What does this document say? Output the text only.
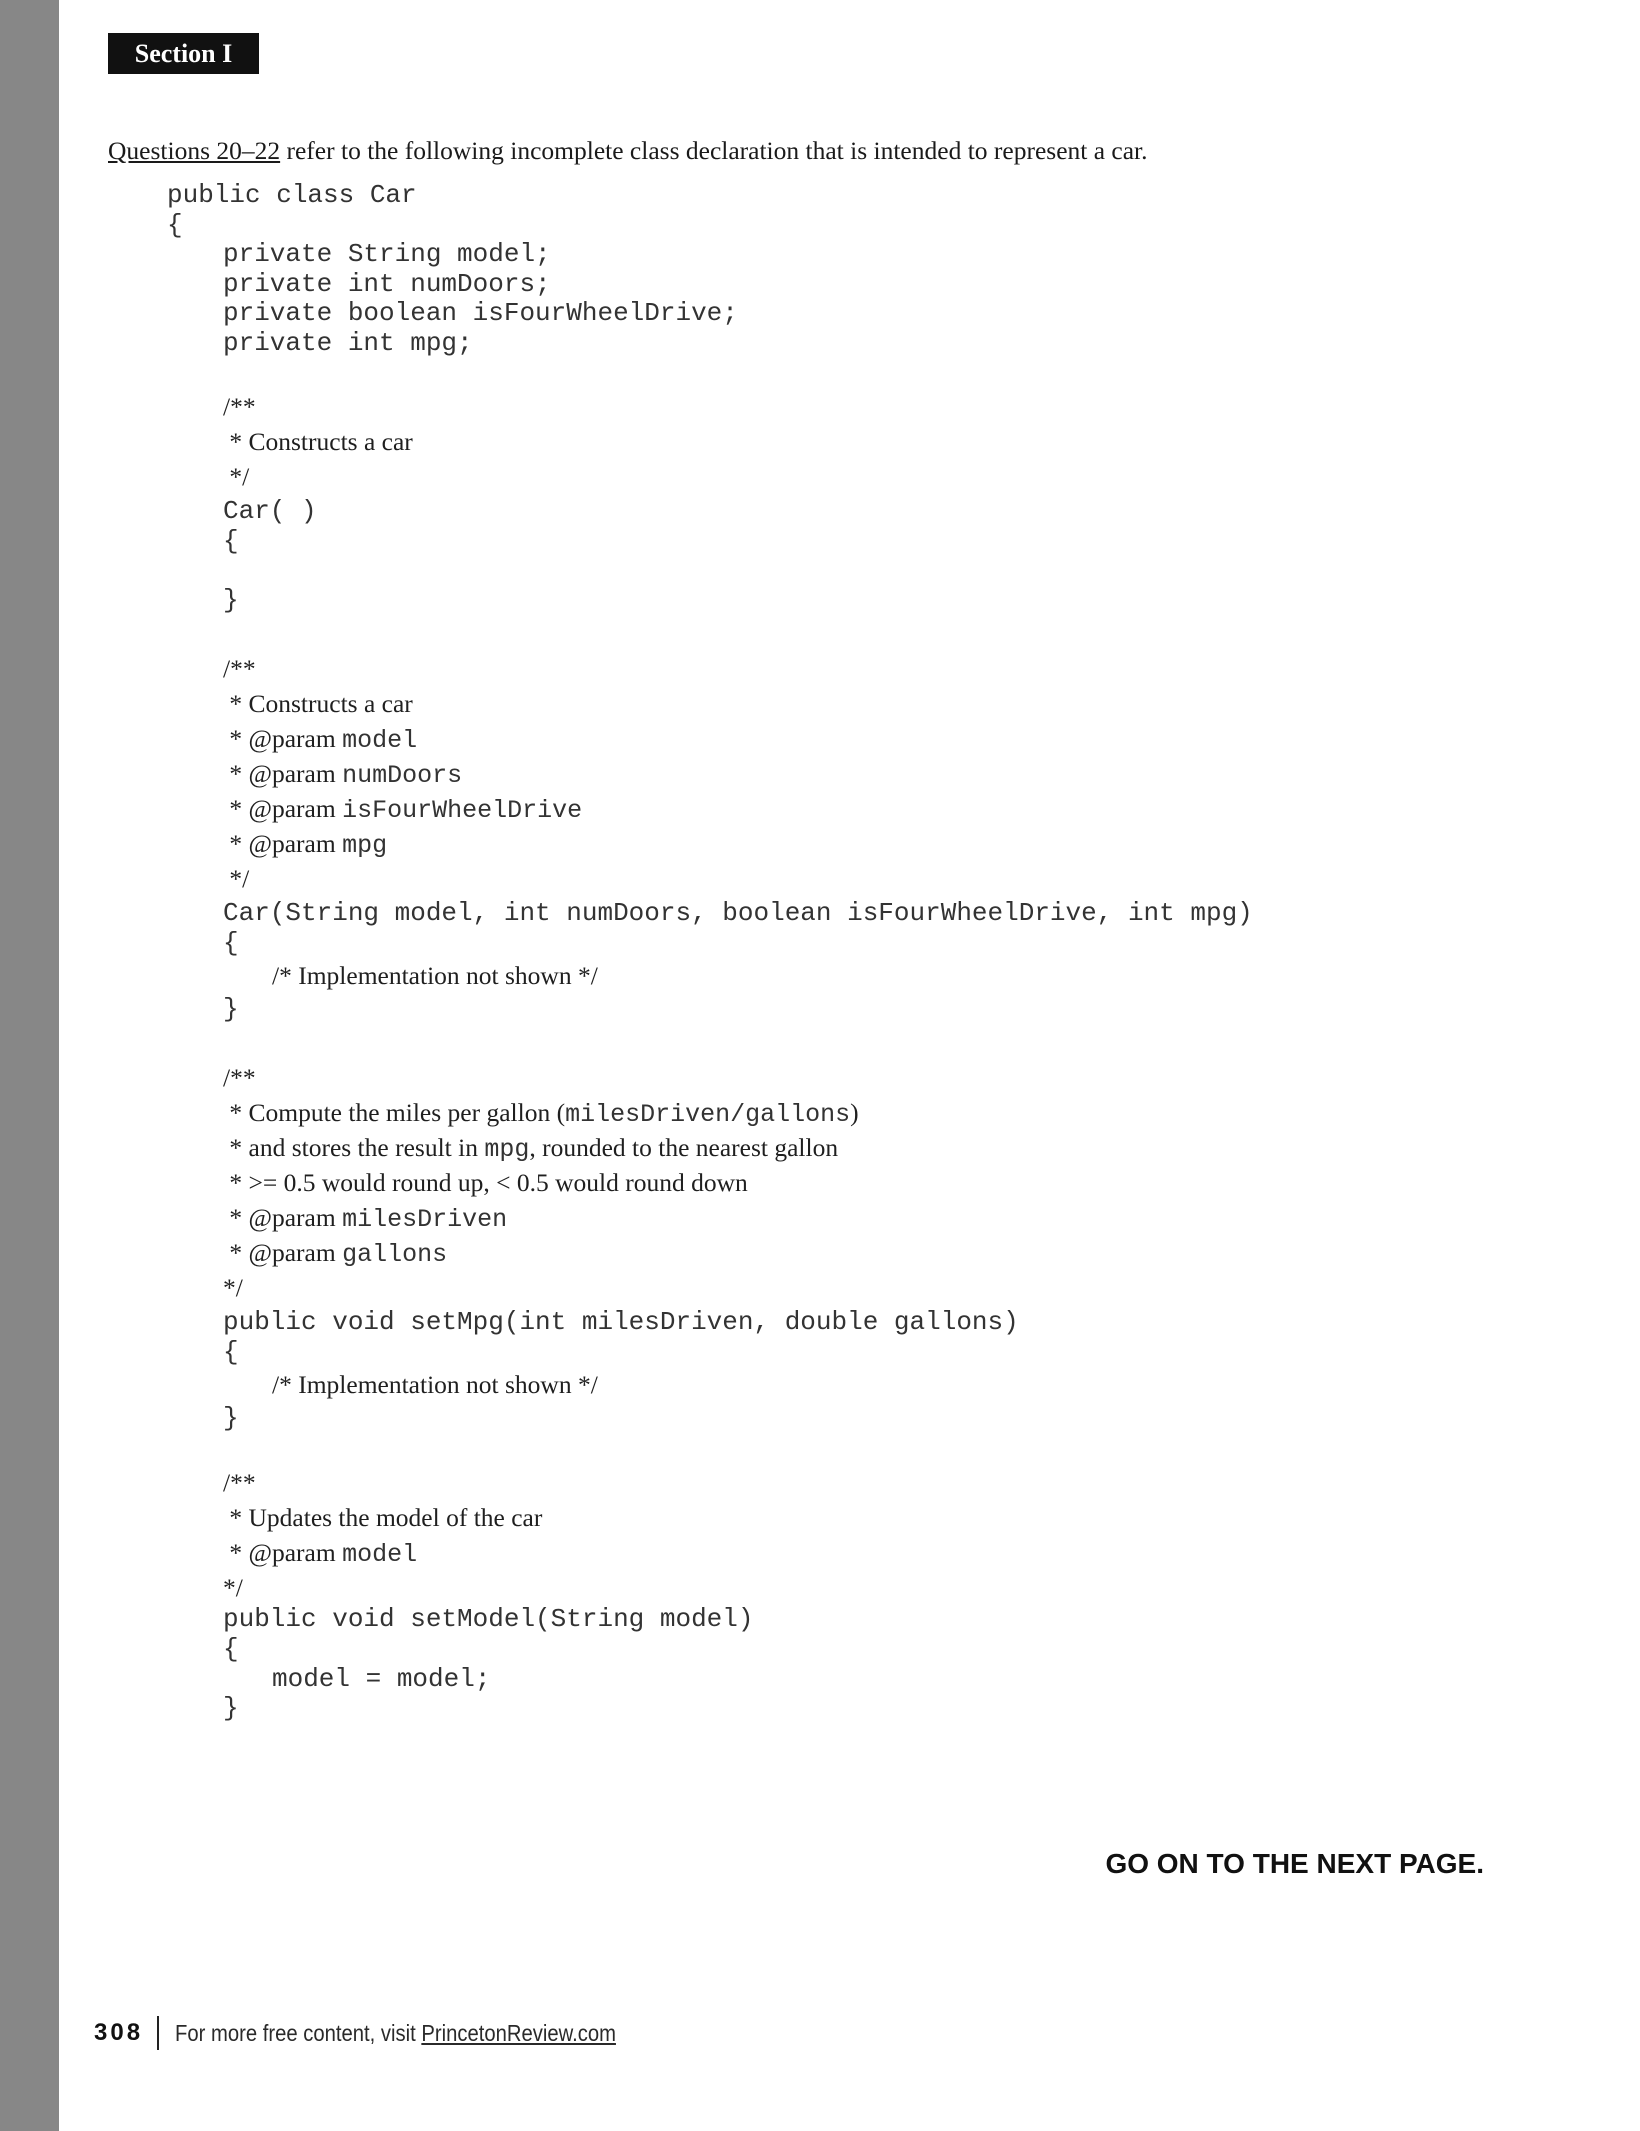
Section I
Questions 20–22 refer to the following incomplete class declaration that is intended to represent a car.
public class Car
{
private String model;
private int numDoors;
private boolean isFourWheelDrive;
private int mpg;
/**
* Constructs a car
*/
Car( )
{
}
/**
* Constructs a car
* @param model
* @param numDoors
* @param isFourWheelDrive
* @param mpg
*/
Car(String model, int numDoors, boolean isFourWheelDrive, int mpg)
{
/* Implementation not shown */
}
/**
* Compute the miles per gallon (milesDriven/gallons)
* and stores the result in mpg, rounded to the nearest gallon
* >= 0.5 would round up, < 0.5 would round down
* @param milesDriven
* @param gallons
*/
public void setMpg(int milesDriven, double gallons)
{
/* Implementation not shown */
}
/**
* Updates the model of the car
* @param model
*/
public void setModel(String model)
{
model = model;
}
GO ON TO THE NEXT PAGE.
308 For more free content, visit PrincetonReview.com
